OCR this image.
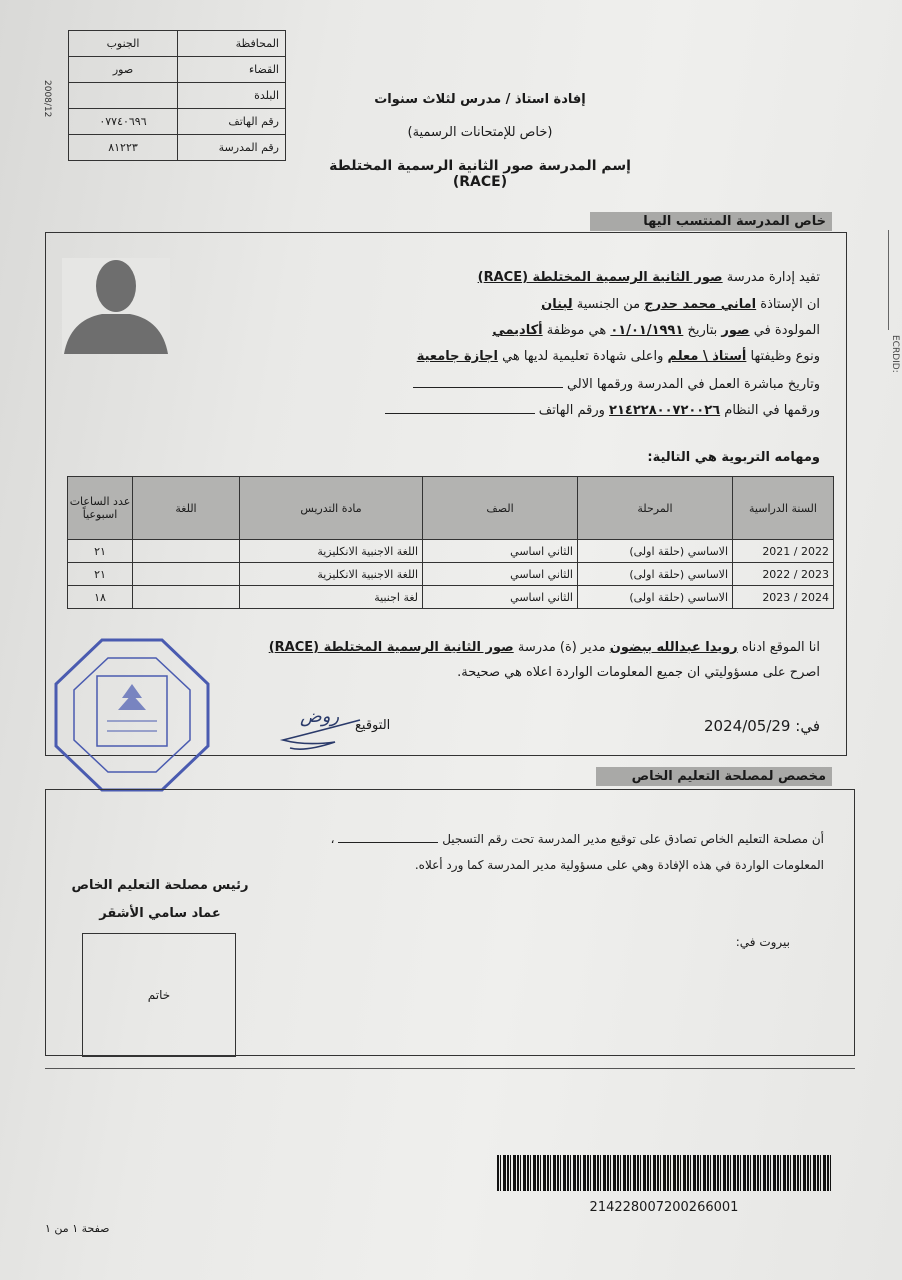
2008/12
ECRDID:
المحافظة	الجنوب
القضاء	صور
البلدة	
رقم الهاتف	٠٧٧٤٠٦٩٦
رقم المدرسة	٨١٢٢٣
إفادة استاذ / مدرس لثلاث سنوات
(خاص للإمتحانات الرسمية)
إسم المدرسة صور الثانية الرسمية المختلطة (RACE)
خاص المدرسة المنتسب اليها
تفيد إدارة مدرسة صور الثانية الرسمية المختلطة (RACE)
ان الإستاذة اماني محمد حدرج من الجنسية لبنان
المولودة في صور بتاريخ ٠١/٠١/١٩٩١ هي موظفة أكاديمي
ونوع وظيفتها أستاذ \ معلم واعلى شهادة تعليمية لديها هي اجازة جامعية
وتاريخ مباشرة العمل في المدرسة ورقمها الالي
ورقمها في النظام ٢١٤٢٢٨٠٠٧٢٠٠٢٦ ورقم الهاتف
ومهامه التربوية هي التالية:
السنة الدراسية	المرحلة	الصف	مادة التدريس	اللغة	عدد الساعات اسبوعياً
2021 / 2022	الاساسي (حلقة اولى)	الثاني اساسي	اللغة الاجنبية الانكليزية		٢١
2022 / 2023	الاساسي (حلقة اولى)	الثاني اساسي	اللغة الاجنبية الانكليزية		٢١
2023 / 2024	الاساسي (حلقة اولى)	الثاني اساسي	لغة اجنبية		١٨
انا الموقع ادناه رويدا عبدالله ببضون مدير (ة) مدرسة صور الثانية الرسمية المختلطة (RACE)
اصرح على مسؤوليتي ان جميع المعلومات الواردة اعلاه هي صحيحة.
في: 2024/05/29
التوقيع
روض
مخصص لمصلحة التعليم الخاص
أن مصلحة التعليم الخاص تصادق على توقيع مدير المدرسة تحت رقم التسجيل  ،
المعلومات الواردة في هذه الإفادة وهي على مسؤولية مدير المدرسة كما ورد أعلاه.
بيروت في:
رئيس مصلحة التعليم الخاص
عماد سامي الأشقر
خاتم
214228007200266001
صفحة ١ من ١
